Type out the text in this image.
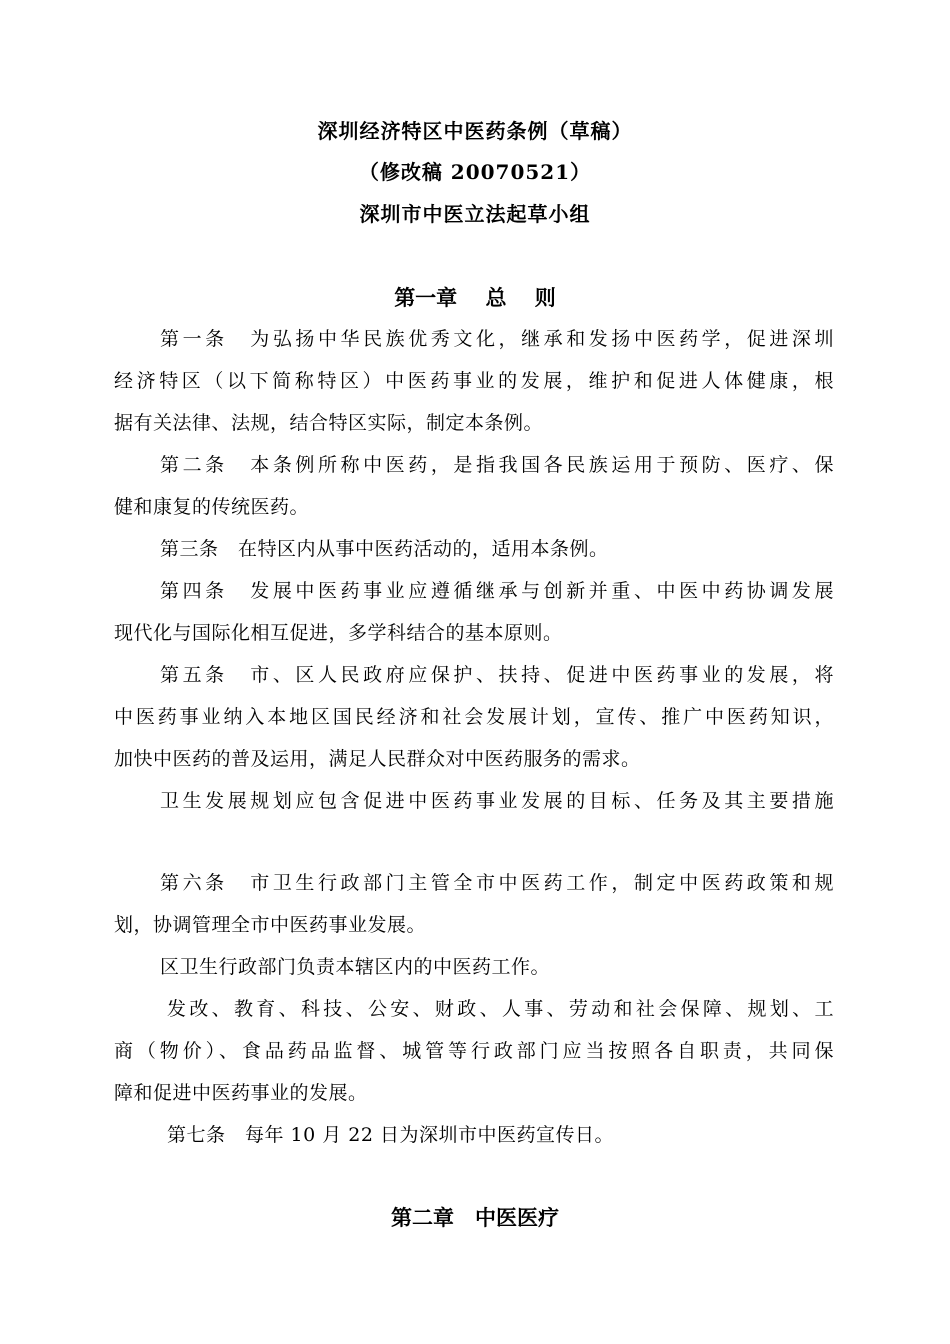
深圳经济特区中医药条例（草稿）
（修改稿 20070521）
深圳市中医立法起草小组
第一章　 总　 则
第一条　为弘扬中华民族优秀文化，继承和发扬中医药学，促进深圳
经济特区（以下简称特区）中医药事业的发展，维护和促进人体健康，根
据有关法律、法规，结合特区实际，制定本条例。
第二条　本条例所称中医药，是指我国各民族运用于预防、医疗、保
健和康复的传统医药。
第三条　在特区内从事中医药活动的，适用本条例。
第四条　发展中医药事业应遵循继承与创新并重、中医中药协调发展
现代化与国际化相互促进，多学科结合的基本原则。
第五条　市、区人民政府应保护、扶持、促进中医药事业的发展，将
中医药事业纳入本地区国民经济和社会发展计划，宣传、推广中医药知识，
加快中医药的普及运用，满足人民群众对中医药服务的需求。
卫生发展规划应包含促进中医药事业发展的目标、任务及其主要措施
第六条　市卫生行政部门主管全市中医药工作，制定中医药政策和规
划，协调管理全市中医药事业发展。
区卫生行政部门负责本辖区内的中医药工作。
发改、教育、科技、公安、财政、人事、劳动和社会保障、规划、工
商（物价）、食品药品监督、城管等行政部门应当按照各自职责，共同保
障和促进中医药事业的发展。
第七条　每年 10 月 22 日为深圳市中医药宣传日。
第二章　中医医疗
